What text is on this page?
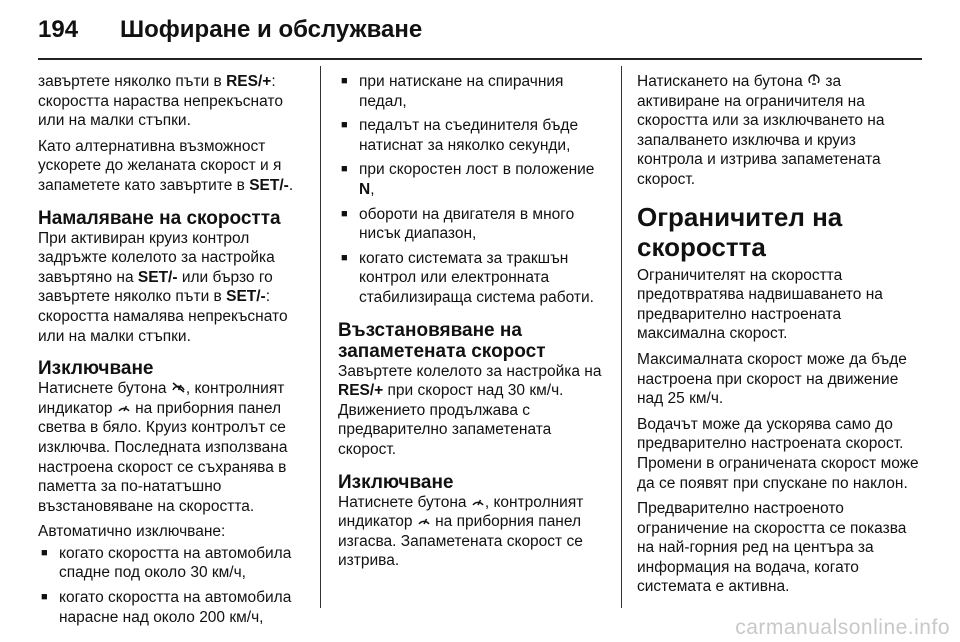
194 Шофиране и обслужване

завъртете няколко пъти в RES/+: скоростта нараства непрекъснато или на малки стъпки.

Като алтернативна възможност ускорете до желаната скорост и я запаметете като завъртите в SET/-.

Намаляване на скоростта

При активиран круиз контрол задръжте колелото за настройка завъртяно на SET/- или бързо го завъртете няколко пъти в SET/-: скоростта намалява непрекъснато или на малки стъпки.

Изключване

Натиснете бутона , контролният индикатор  на приборния панел светва в бяло. Круиз контролът се изключва. Последната използвана настроена скорост се съхранява в паметта за по-нататъшно възстановяване на скоростта.

Автоматично изключване:

■ когато скоростта на автомобила спадне под около 30 км/ч,
■ когато скоростта на автомобила нарасне над около 200 км/ч,
■ при натискане на спирачния педал,
■ педалът на съединителя бъде натиснат за няколко секунди,
■ при скоростен лост в положение N,
■ обороти на двигателя в много нисък диапазон,
■ когато системата за тракшън контрол или електронната стабилизираща система работи.
Възстановяване на запаметената скорост

Завъртете колелото за настройка на RES/+ при скорост над 30 км/ч. Движението продължава с предварително запаметената скорост.

Изключване

Натиснете бутона , контролният индикатор  на приборния панел изгасва. Запаметената скорост се изтрива.

Натискането на бутона  за активиране на ограничителя на скоростта или за изключването на запалването изключва и круиз контрола и изтрива запаметената скорост.

Ограничител на скоростта

Ограничителят на скоростта предотвратява надвишаването на предварително настроената максимална скорост.

Максималната скорост може да бъде настроена при скорост на движение над 25 км/ч.

Водачът може да ускорява само до предварително настроената скорост. Промени в ограничената скорост може да се появят при спускане по наклон.

Предварително настроеното ограничение на скоростта се показва на най-горния ред на центъра за информация на водача, когато системата е активна.

carmanualsonline.info
